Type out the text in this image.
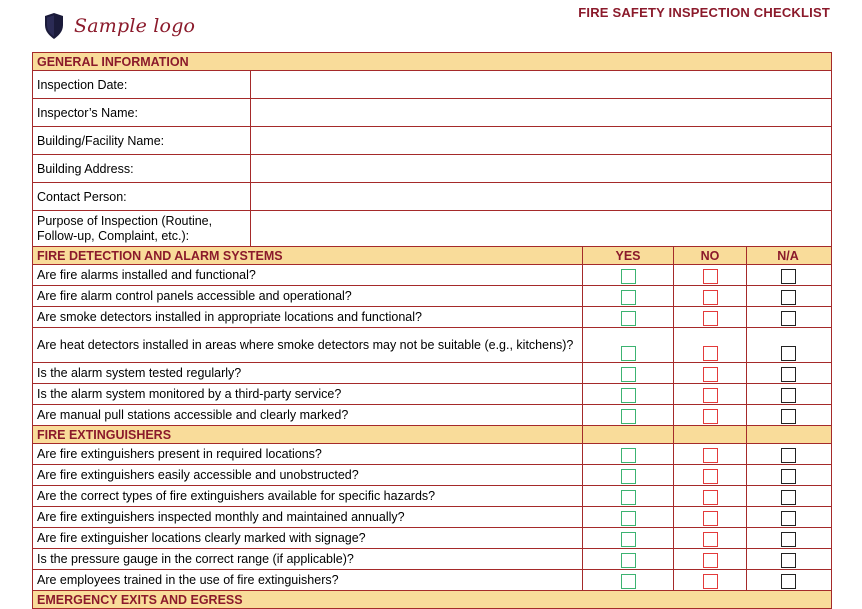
Sample logo
FIRE SAFETY INSPECTION CHECKLIST
GENERAL INFORMATION
Inspection Date:
Inspector’s Name:
Building/Facility Name:
Building Address:
Contact Person:
Purpose of Inspection (Routine, Follow-up, Complaint, etc.):
FIRE DETECTION AND ALARM SYSTEMS	YES	NO	N/A
Are fire alarms installed and functional?
Are fire alarm control panels accessible and operational?
Are smoke detectors installed in appropriate locations and functional?
Are heat detectors installed in areas where smoke detectors may not be suitable (e.g., kitchens)?
Is the alarm system tested regularly?
Is the alarm system monitored by a third-party service?
Are manual pull stations accessible and clearly marked?
FIRE EXTINGUISHERS
Are fire extinguishers present in required locations?
Are fire extinguishers easily accessible and unobstructed?
Are the correct types of fire extinguishers available for specific hazards?
Are fire extinguishers inspected monthly and maintained annually?
Are fire extinguisher locations clearly marked with signage?
Is the pressure gauge in the correct range (if applicable)?
Are employees trained in the use of fire extinguishers?
EMERGENCY EXITS AND EGRESS
